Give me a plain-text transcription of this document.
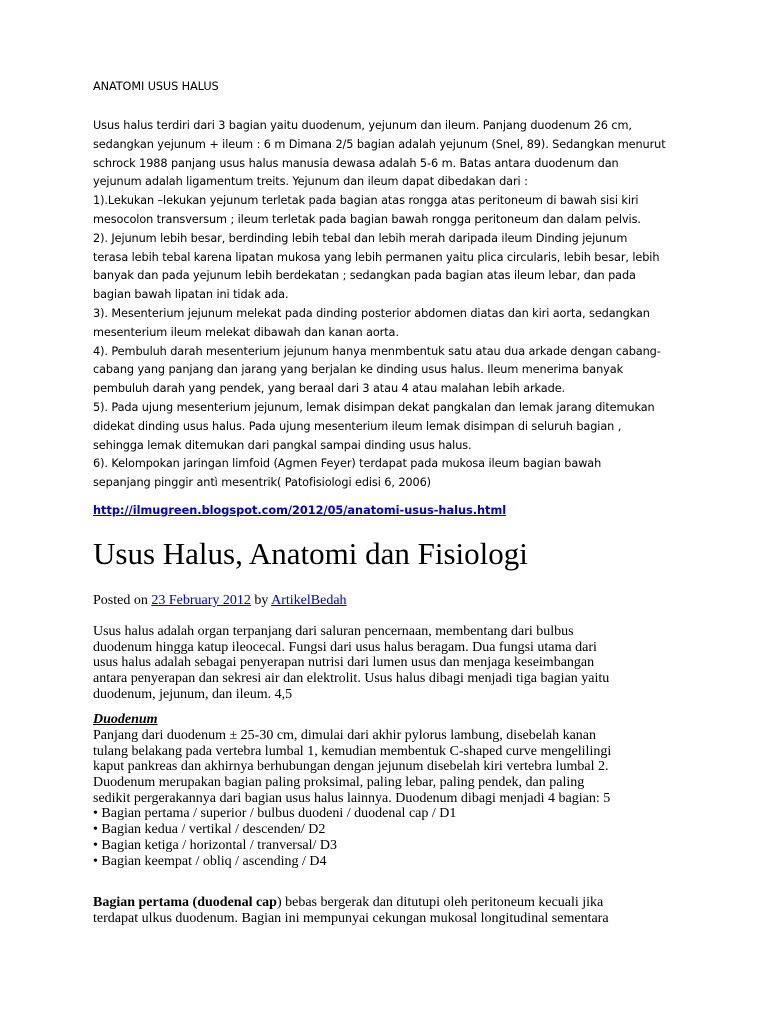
ANATOMI USUS HALUS
Usus halus terdiri dari 3 bagian yaitu duodenum, yejunum dan ileum. Panjang duodenum 26 cm,
sedangkan yejunum + ileum : 6 m Dimana 2/5 bagian adalah yejunum (Snel, 89). Sedangkan menurut
schrock 1988 panjang usus halus manusia dewasa adalah 5-6 m. Batas antara duodenum dan
yejunum adalah ligamentum treits. Yejunum dan ileum dapat dibedakan dari :
1).Lekukan –lekukan yejunum terletak pada bagian atas rongga atas peritoneum di bawah sisi kiri
mesocolon transversum ; ileum terletak pada bagian bawah rongga peritoneum dan dalam pelvis.
2). Jejunum lebih besar, berdinding lebih tebal dan lebih merah daripada ileum Dinding jejunum
terasa lebih tebal karena lipatan mukosa yang lebih permanen yaitu plica circularis, lebih besar, lebih
banyak dan pada yejunum lebih berdekatan ; sedangkan pada bagian atas ileum lebar, dan pada
bagian bawah lipatan ini tidak ada.
3). Mesenterium jejunum melekat pada dinding posterior abdomen diatas dan kiri aorta, sedangkan
mesenterium ileum melekat dibawah dan kanan aorta.
4). Pembuluh darah mesenterium jejunum hanya menmbentuk satu atau dua arkade dengan cabang-
cabang yang panjang dan jarang yang berjalan ke dinding usus halus. Ileum menerima banyak
pembuluh darah yang pendek, yang beraal dari 3 atau 4 atau malahan lebih arkade.
5). Pada ujung mesenterium jejunum, lemak disimpan dekat pangkalan dan lemak jarang ditemukan
didekat dinding usus halus. Pada ujung mesenterium ileum lemak disimpan di seluruh bagian ,
sehingga lemak ditemukan dari pangkal sampai dinding usus halus.
6). Kelompokan jaringan limfoid (Agmen Feyer) terdapat pada mukosa ileum bagian bawah
sepanjang pinggir antì mesentrik( Patofisiologi edisi 6, 2006)
http://ilmugreen.blogspot.com/2012/05/anatomi-usus-halus.html
Usus Halus, Anatomi dan Fisiologi
Posted on 23 February 2012 by ArtikelBedah
Usus halus adalah organ terpanjang dari saluran pencernaan, membentang dari bulbus
duodenum hingga katup ileocecal. Fungsi dari usus halus beragam. Dua fungsi utama dari
usus halus adalah sebagai penyerapan nutrisi dari lumen usus dan menjaga keseimbangan
antara penyerapan dan sekresi air dan elektrolit. Usus halus dibagi menjadi tiga bagian yaitu
duodenum, jejunum, dan ileum. 4,5
Duodenum
Panjang dari duodenum ± 25-30 cm, dimulai dari akhir pylorus lambung, disebelah kanan
tulang belakang pada vertebra lumbal 1, kemudian membentuk C-shaped curve mengelilingi
kaput pankreas dan akhirnya berhubungan dengan jejunum disebelah kiri vertebra lumbal 2.
Duodenum merupakan bagian paling proksimal, paling lebar, paling pendek, dan paling
sedikit pergerakannya dari bagian usus halus lainnya. Duodenum dibagi menjadi 4 bagian: 5
• Bagian pertama / superior / bulbus duodeni / duodenal cap / D1
• Bagian kedua / vertikal / descenden/ D2
• Bagian ketiga / horizontal / tranversal/ D3
• Bagian keempat / obliq / ascending / D4
Bagian pertama (duodenal cap) bebas bergerak dan ditutupi oleh peritoneum kecuali jika
terdapat ulkus duodenum. Bagian ini mempunyai cekungan mukosal longitudinal sementara
